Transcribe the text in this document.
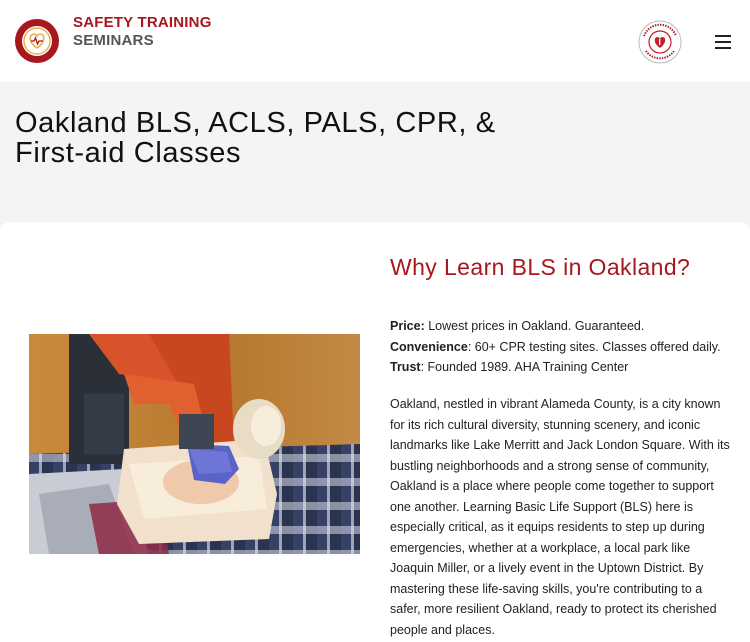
SAFETY TRAINING
SEMINARS
Oakland BLS, ACLS, PALS, CPR, &
First-aid Classes
Why Learn BLS in Oakland?
Price: Lowest prices in Oakland. Guaranteed.
Convenience: 60+ CPR testing sites. Classes offered daily.
Trust: Founded 1989. AHA Training Center

Oakland, nestled in vibrant Alameda County, is a city known for its rich cultural diversity, stunning scenery, and iconic landmarks like Lake Merritt and Jack London Square. With its bustling neighborhoods and a strong sense of community, Oakland is a place where people come together to support one another. Learning Basic Life Support (BLS) here is especially critical, as it equips residents to step up during emergencies, whether at a workplace, a local park like Joaquin Miller, or a lively event in the Uptown District. By mastering these life-saving skills, you're contributing to a safer, more resilient Oakland, ready to protect its cherished people and places.
